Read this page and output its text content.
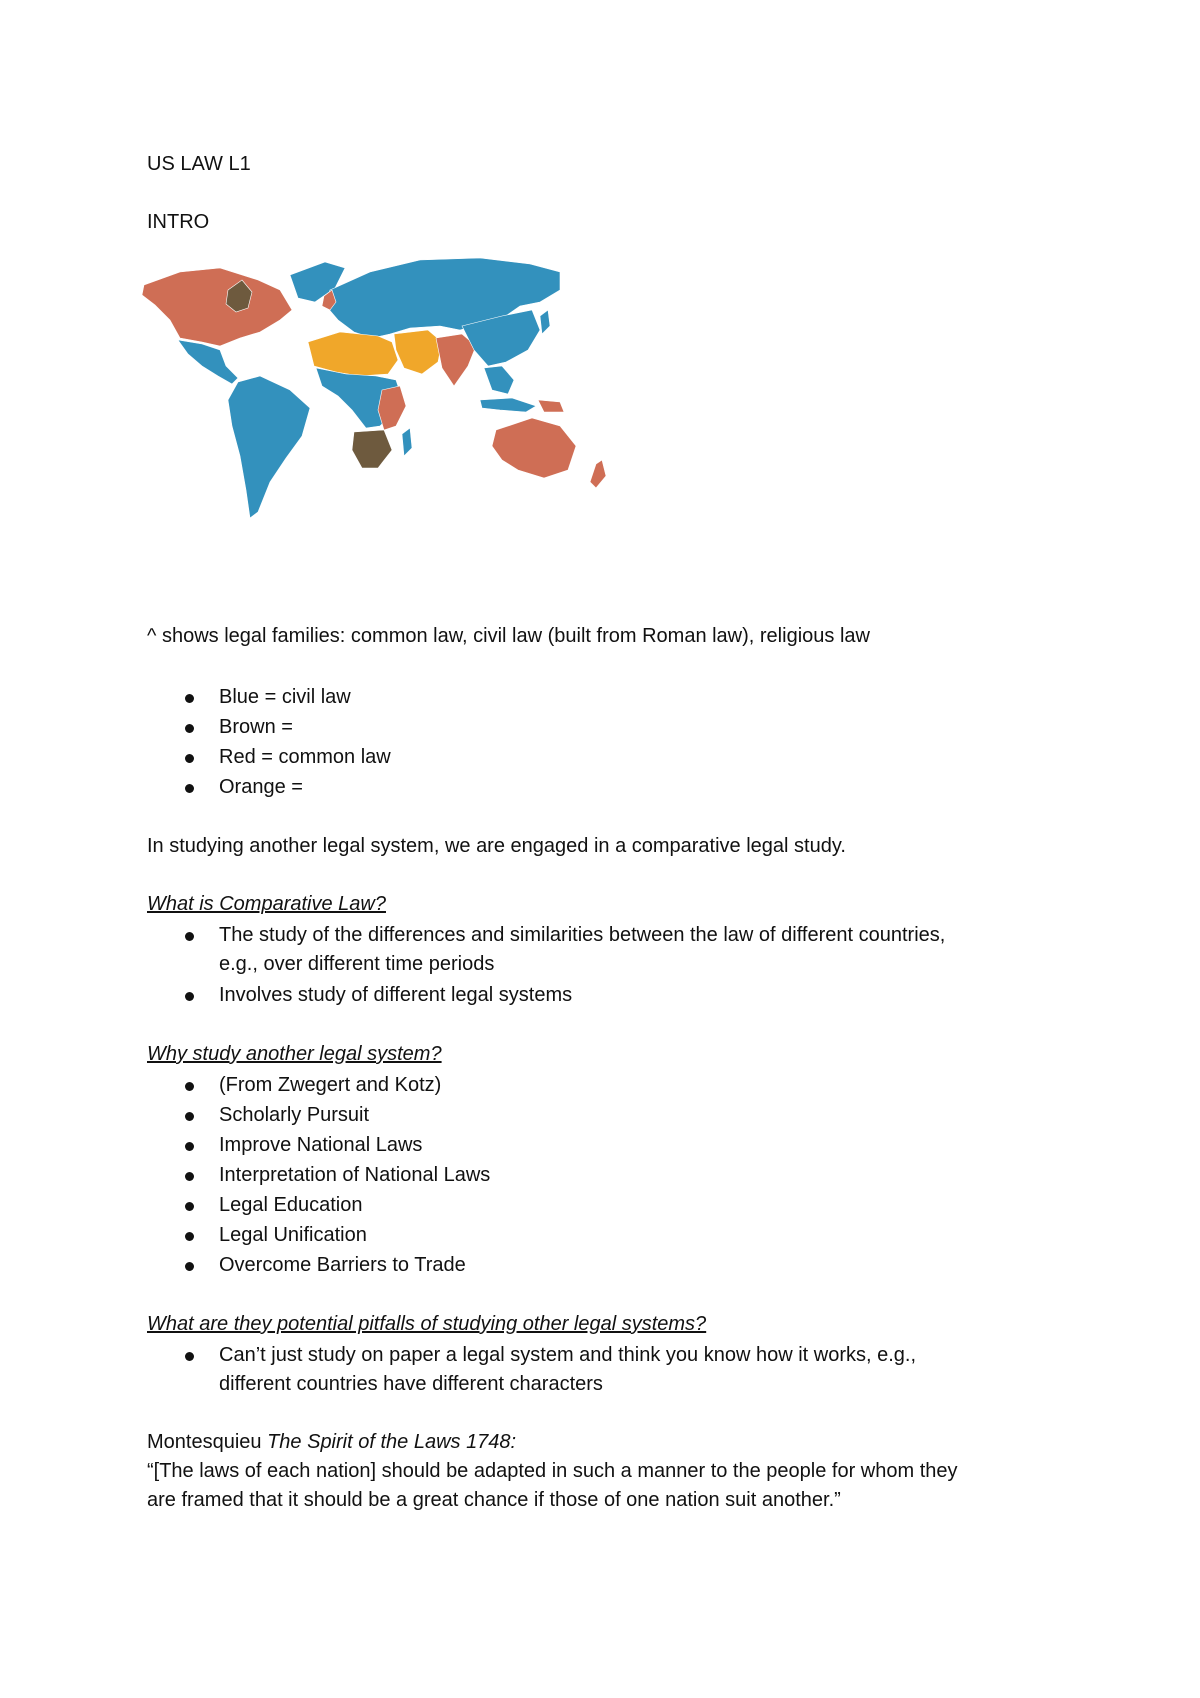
US LAW L1
INTRO
^ shows legal families: common law, civil law (built from Roman law), religious law
Blue = civil law
Brown =
Red = common law
Orange =
In studying another legal system, we are engaged in a comparative legal study.
What is Comparative Law?
The study of the differences and similarities between the law of different countries,
e.g., over different time periods
Involves study of different legal systems
Why study another legal system?
(From Zwegert and Kotz)
Scholarly Pursuit
Improve National Laws
Interpretation of National Laws
Legal Education
Legal Unification
Overcome Barriers to Trade
What are they potential pitfalls of studying other legal systems?
Can’t just study on paper a legal system and think you know how it works, e.g.,
different countries have different characters
Montesquieu The Spirit of the Laws 1748:
“[The laws of each nation] should be adapted in such a manner to the people for whom they
are framed that it should be a great chance if those of one nation suit another.”
